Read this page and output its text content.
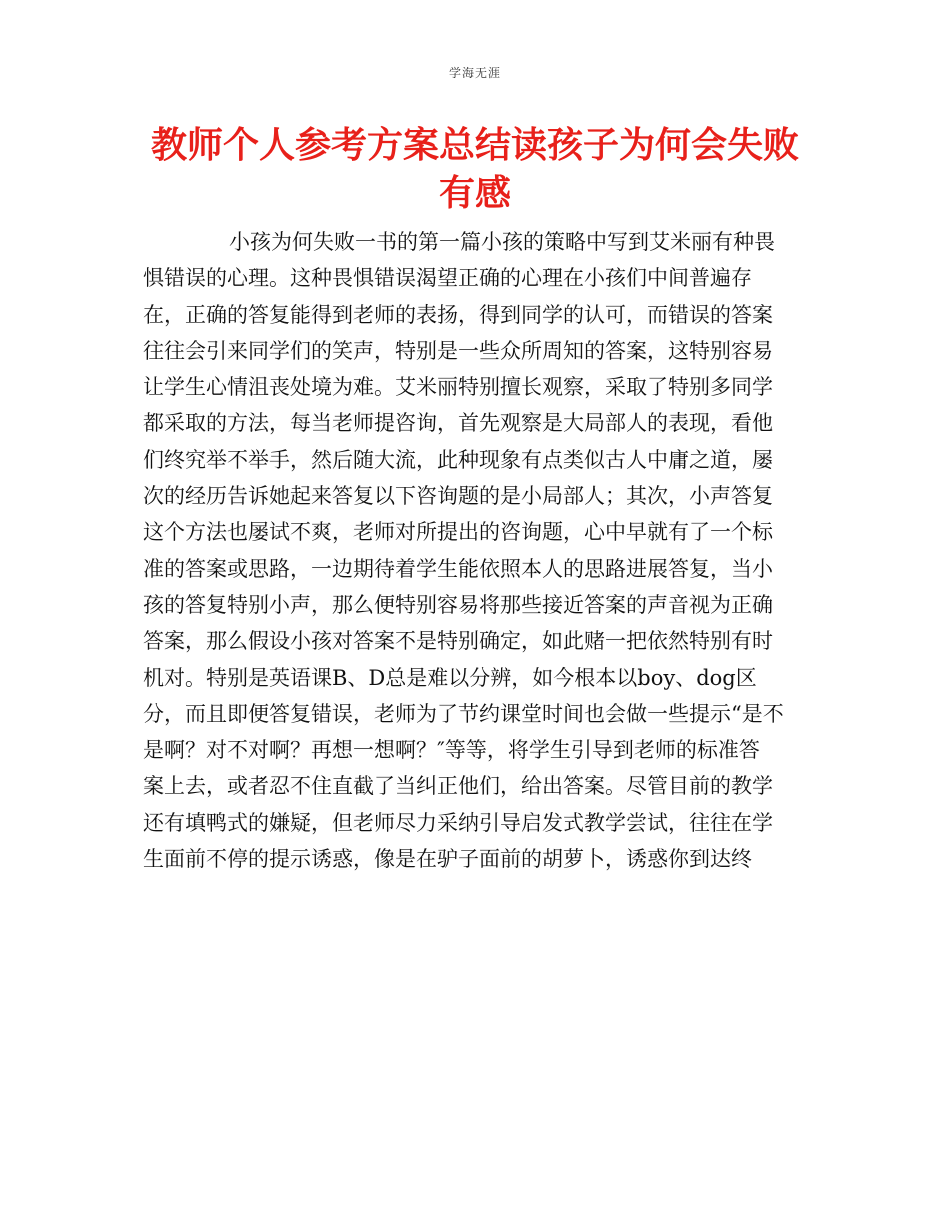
学海无涯
教师个人参考方案总结读孩子为何会失败
有感
小孩为何失败一书的第一篇小孩的策略中写到艾米丽有种畏
惧错误的心理。这种畏惧错误渴望正确的心理在小孩们中间普遍存
在，正确的答复能得到老师的表扬，得到同学的认可，而错误的答案
往往会引来同学们的笑声，特别是一些众所周知的答案，这特别容易
让学生心情沮丧处境为难。艾米丽特别擅长观察，采取了特别多同学
都采取的方法，每当老师提咨询，首先观察是大局部人的表现，看他
们终究举不举手，然后随大流，此种现象有点类似古人中庸之道，屡
次的经历告诉她起来答复以下咨询题的是小局部人；其次，小声答复
这个方法也屡试不爽，老师对所提出的咨询题，心中早就有了一个标
准的答案或思路，一边期待着学生能依照本人的思路进展答复，当小
孩的答复特别小声，那么便特别容易将那些接近答案的声音视为正确
答案，那么假设小孩对答案不是特别确定，如此赌一把依然特别有时
机对。特别是英语课B、D总是难以分辨，如今根本以boy、dog区
分，而且即便答复错误，老师为了节约课堂时间也会做一些提示“是不
是啊？对不对啊？再想一想啊？″等等，将学生引导到老师的标准答
案上去，或者忍不住直截了当纠正他们，给出答案。尽管目前的教学
还有填鸭式的嫌疑，但老师尽力采纳引导启发式教学尝试，往往在学
生面前不停的提示诱惑，像是在驴子面前的胡萝卜，诱惑你到达终
